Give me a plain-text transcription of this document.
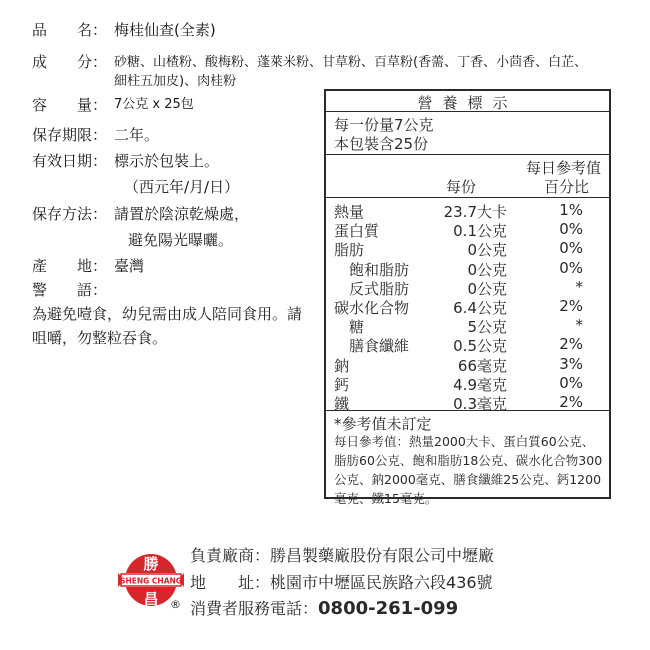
品　　名： 梅桂仙查(全素)
成　　分： 砂糖、山楂粉、酸梅粉、蓬萊米粉、甘草粉、百草粉(香薷、丁香、小茴香、白芷、
細柱五加皮)、肉桂粉
容　　量： 7公克 x 25包
保存期限： 二年。
有效日期： 標示於包裝上。
（西元年/月/日）
保存方法： 請置於陰涼乾燥處，
避免陽光曝曬。
產　　地： 臺灣
警　　語：
為避免噎食，幼兒需由成人陪同食用。請咀嚼，勿整粒吞食。
營養標示
每一份量7公克
本包裝含25份
每日參考值
每份	百分比
熱量	23.7大卡	1%
蛋白質	0.1公克	0%
脂肪	0公克	0%
　飽和脂肪	0公克	0%
　反式脂肪	0公克	*
碳水化合物	6.4公克	2%
　糖	5公克	*
　膳食纖維	0.5公克	2%
鈉	66毫克	3%
鈣	4.9毫克	0%
鐵	0.3毫克	2%
*參考值未訂定
每日參考值：熱量2000大卡、蛋白質60公克、脂肪60公克、飽和脂肪18公克、碳水化合物300公克、鈉2000毫克、膳食纖維25公克、鈣1200毫克、鐵15毫克。
勝
SHENG CHANG
昌 ®
負責廠商：勝昌製藥廠股份有限公司中壢廠
地　　址：桃園市中壢區民族路六段436號
消費者服務電話：0800-261-099
